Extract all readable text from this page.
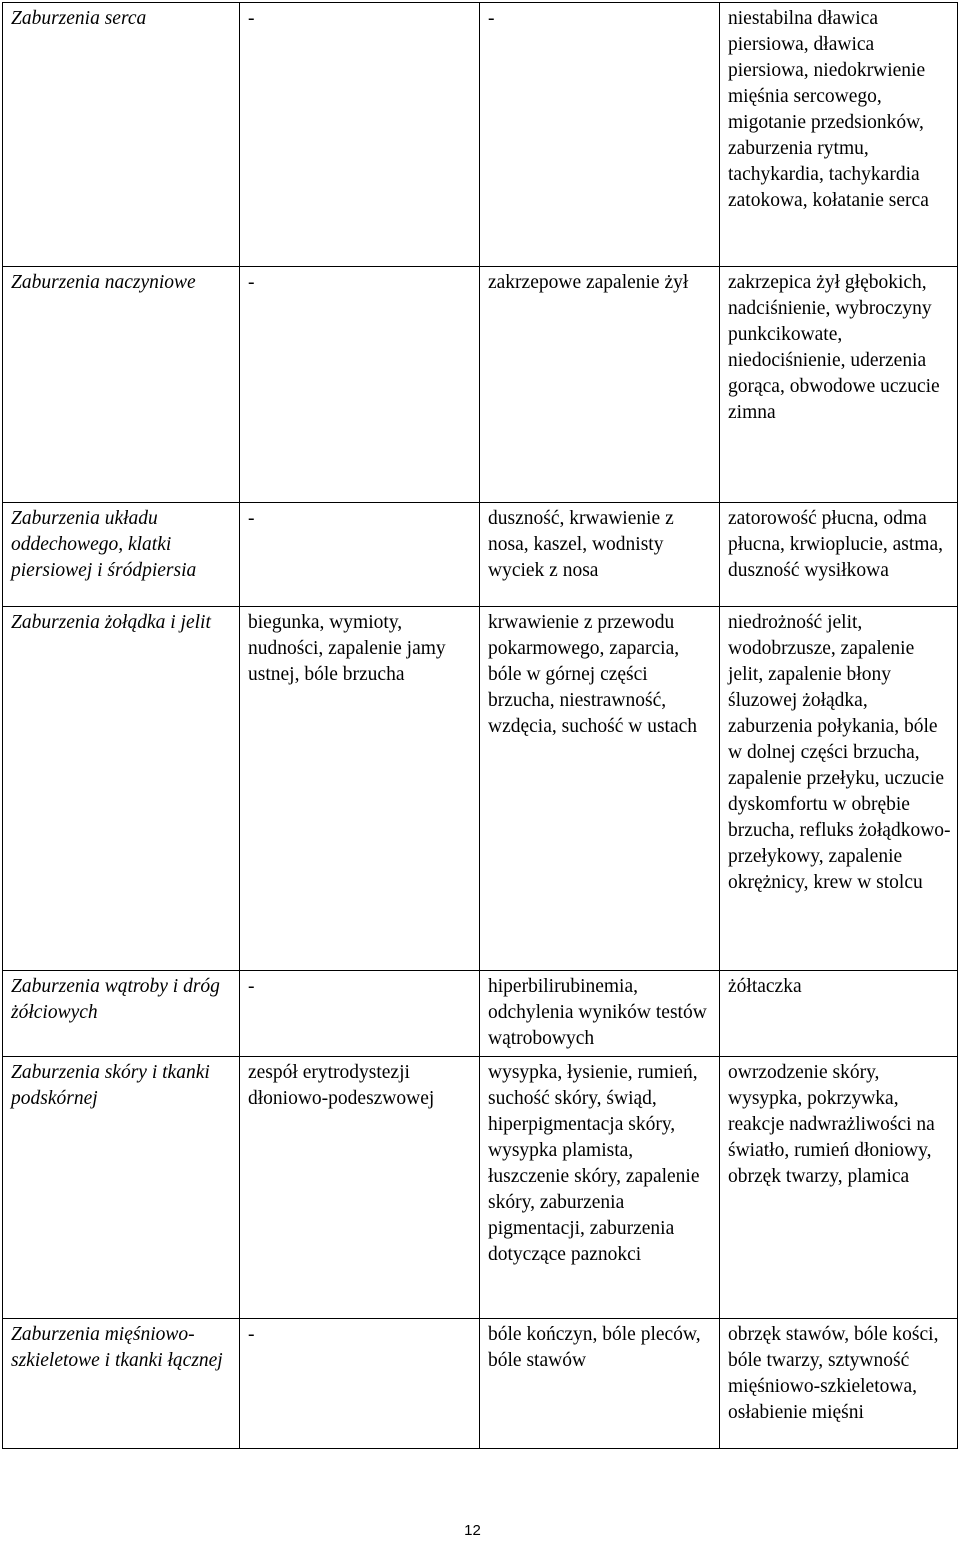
Zaburzenia serca	-	-	niestabilna dławica piersiowa, dławica piersiowa, niedokrwienie mięśnia sercowego, migotanie przedsionków, zaburzenia rytmu, tachykardia, tachykardia zatokowa, kołatanie serca
Zaburzenia naczyniowe	-	zakrzepowe zapalenie żył	zakrzepica żył głębokich, nadciśnienie, wybroczyny punkcikowate, niedociśnienie, uderzenia gorąca, obwodowe uczucie zimna
Zaburzenia układu oddechowego, klatki piersiowej i śródpiersia	-	duszność, krwawienie z nosa, kaszel, wodnisty wyciek z nosa	zatorowość płucna, odma płucna, krwioplucie, astma, duszność wysiłkowa
Zaburzenia żołądka i jelit	biegunka, wymioty, nudności, zapalenie jamy ustnej, bóle brzucha	krwawienie z przewodu pokarmowego, zaparcia, bóle w górnej części brzucha, niestrawność, wzdęcia, suchość w ustach	niedrożność jelit, wodobrzusze, zapalenie jelit, zapalenie błony śluzowej żołądka, zaburzenia połykania, bóle w dolnej części brzucha, zapalenie przełyku, uczucie dyskomfortu w obrębie brzucha, refluks żołądkowo-przełykowy, zapalenie okrężnicy, krew w stolcu
Zaburzenia wątroby i dróg żółciowych	-	hiperbilirubinemia, odchylenia wyników testów wątrobowych	żółtaczka
Zaburzenia skóry i tkanki podskórnej	zespół erytrodystezji dłoniowo-podeszwowej	wysypka, łysienie, rumień, suchość skóry, świąd, hiperpigmentacja skóry, wysypka plamista, łuszczenie skóry, zapalenie skóry, zaburzenia pigmentacji, zaburzenia dotyczące paznokci	owrzodzenie skóry, wysypka, pokrzywka, reakcje nadwrażliwości na światło, rumień dłoniowy, obrzęk twarzy, plamica
Zaburzenia mięśniowo-szkieletowe i tkanki łącznej	-	bóle kończyn, bóle pleców, bóle stawów	obrzęk stawów, bóle kości, bóle twarzy, sztywność mięśniowo-szkieletowa, osłabienie mięśni
12
